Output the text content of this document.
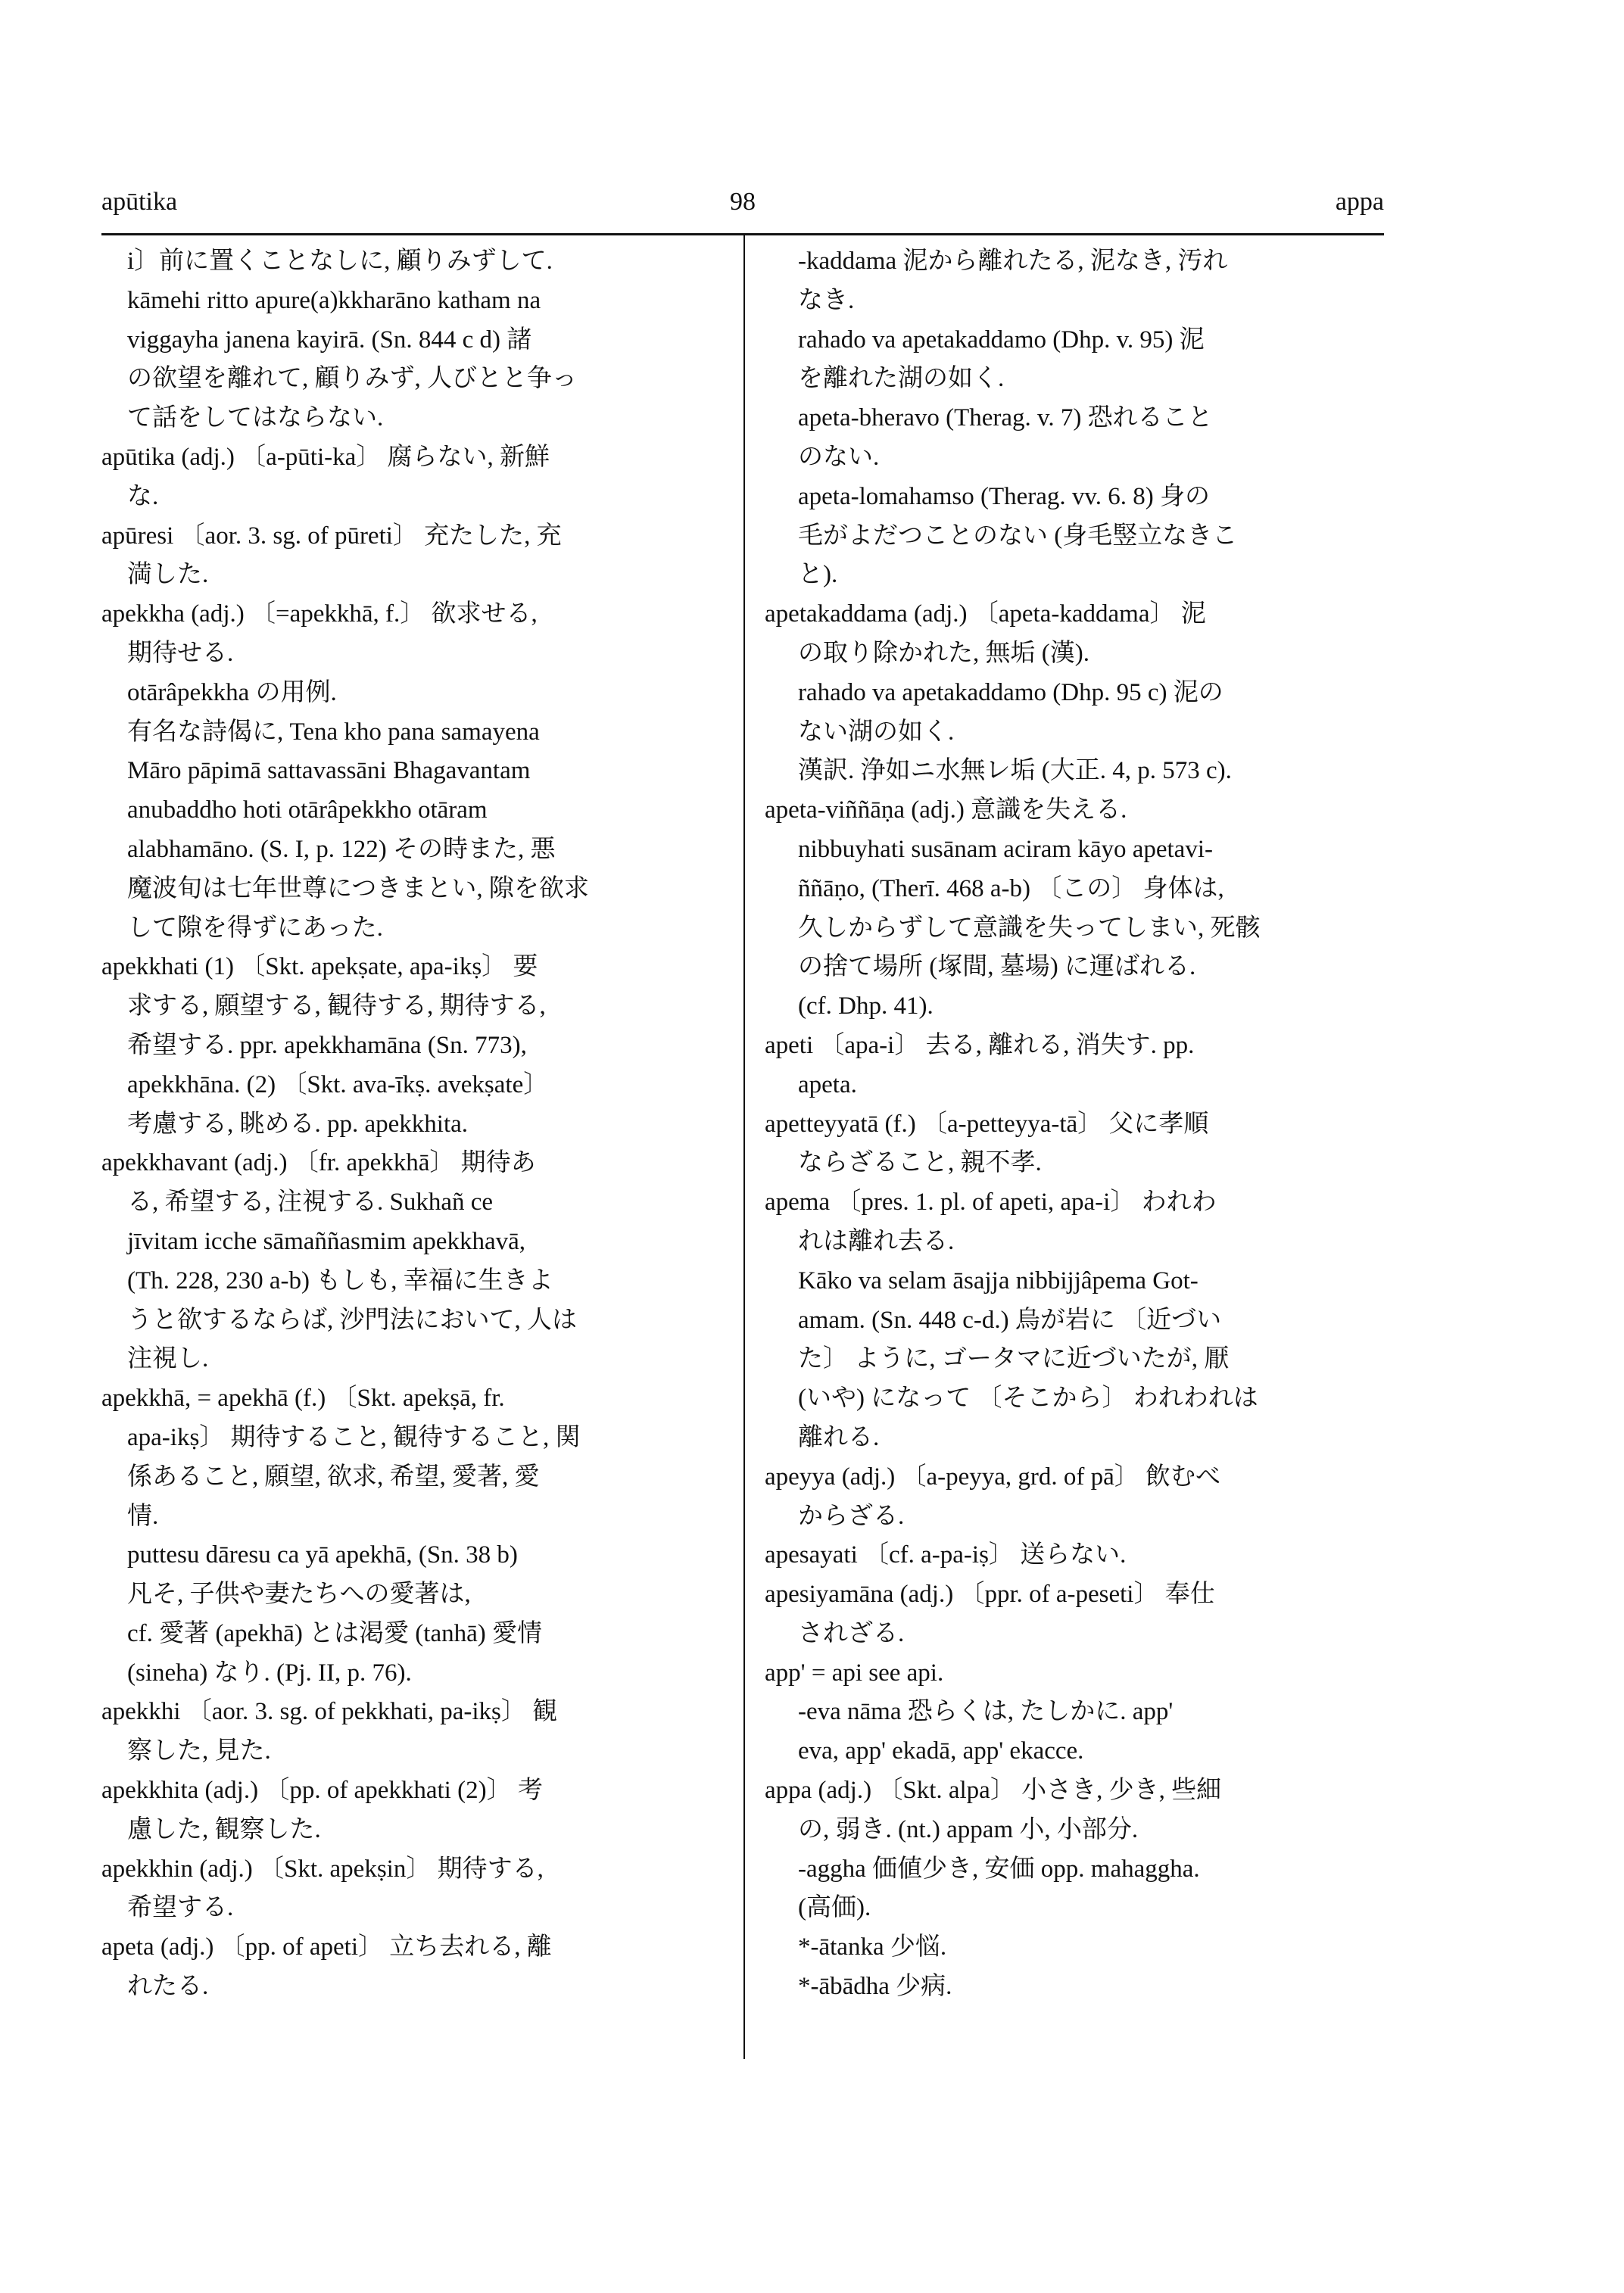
apūtika	98	appa
i〕前に置くことなしに, 顧りみずして.
kāmehi ritto apure(a)kkharāno katham na
viggayha janena kayirā. (Sn. 844 c d) 諸
の欲望を離れて, 顧りみず, 人びとと争っ
て話をしてはならない.
apūtika (adj.) 〔a-pūti-ka〕 腐らない, 新鮮
な.
apūresi 〔aor. 3. sg. of pūreti〕 充たした, 充
満した.
apekkha (adj.) 〔=apekkhā, f.〕 欲求せる,
期待せる.
otārâpekkha の用例.
有名な詩偈に, Tena kho pana samayena
Māro pāpimā sattavassāni Bhagavantam
anubaddho hoti otārâpekkho otāram
alabhamāno. (S. I, p. 122) その時また, 悪
魔波旬は七年世尊につきまとい, 隙を欲求
して隙を得ずにあった.
apekkhati (1) 〔Skt. apekṣate, apa-ikṣ〕 要
求する, 願望する, 観待する, 期待する,
希望する. ppr. apekkhamāna (Sn. 773),
apekkhāna. (2) 〔Skt. ava-īkṣ. avekṣate〕
考慮する, 眺める. pp. apekkhita.
apekkhavant (adj.) 〔fr. apekkhā〕 期待あ
る, 希望する, 注視する. Sukhañ ce
jīvitam icche sāmaññasmim apekkhavā,
(Th. 228, 230 a-b) もしも, 幸福に生きよ
うと欲するならば, 沙門法において, 人は
注視し.
apekkhā, = apekhā (f.) 〔Skt. apekṣā, fr.
apa-ikṣ〕 期待すること, 観待すること, 関
係あること, 願望, 欲求, 希望, 愛著, 愛
情.
puttesu dāresu ca yā apekhā, (Sn. 38 b)
凡そ, 子供や妻たちへの愛著は,
cf. 愛著 (apekhā) とは渇愛 (tanhā) 愛情
(sineha) なり. (Pj. II, p. 76).
apekkhi 〔aor. 3. sg. of pekkhati, pa-ikṣ〕 観
察した, 見た.
apekkhita (adj.) 〔pp. of apekkhati (2)〕 考
慮した, 観察した.
apekkhin (adj.) 〔Skt. apekṣin〕 期待する,
希望する.
apeta (adj.) 〔pp. of apeti〕 立ち去れる, 離
れたる.
-kaddama 泥から離れたる, 泥なき, 汚れ
なき.
rahado va apetakaddamo (Dhp. v. 95) 泥
を離れた湖の如く.
apeta-bheravo (Therag. v. 7) 恐れること
のない.
apeta-lomahamso (Therag. vv. 6. 8) 身の
毛がよだつことのない (身毛竪立なきこ
と).
apetakaddama (adj.) 〔apeta-kaddama〕 泥
の取り除かれた, 無垢 (漢).
rahado va apetakaddamo (Dhp. 95 c) 泥の
ない湖の如く.
漢訳. 浄如ニ水無レ垢 (大正. 4, p. 573 c).
apeta-viññāṇa (adj.) 意識を失える.
nibbuyhati susānam aciram kāyo apetavi-
ññāṇo, (Therī. 468 a-b) 〔この〕 身体は,
久しからずして意識を失ってしまい, 死骸
の捨て場所 (塚間, 墓場) に運ばれる.
(cf. Dhp. 41).
apeti 〔apa-i〕 去る, 離れる, 消失す. pp.
apeta.
apetteyyatā (f.) 〔a-petteyya-tā〕 父に孝順
ならざること, 親不孝.
apema 〔pres. 1. pl. of apeti, apa-i〕 われわ
れは離れ去る.
Kāko va selam āsajja nibbijjâpema Got-
amam. (Sn. 448 c-d.) 烏が岩に 〔近づい
た〕 ように, ゴータマに近づいたが, 厭
(いや) になって 〔そこから〕 われわれは
離れる.
apeyya (adj.) 〔a-peyya, grd. of pā〕 飲むべ
からざる.
apesayati 〔cf. a-pa-iṣ〕 送らない.
apesiyamāna (adj.) 〔ppr. of a-peseti〕 奉仕
されざる.
app' = api see api.
-eva nāma 恐らくは, たしかに. app'
eva, app' ekadā, app' ekacce.
appa (adj.) 〔Skt. alpa〕 小さき, 少き, 些細
の, 弱き. (nt.) appam 小, 小部分.
-aggha 価値少き, 安価 opp. mahaggha.
(高価).
*-ātanka 少悩.
*-ābādha 少病.
